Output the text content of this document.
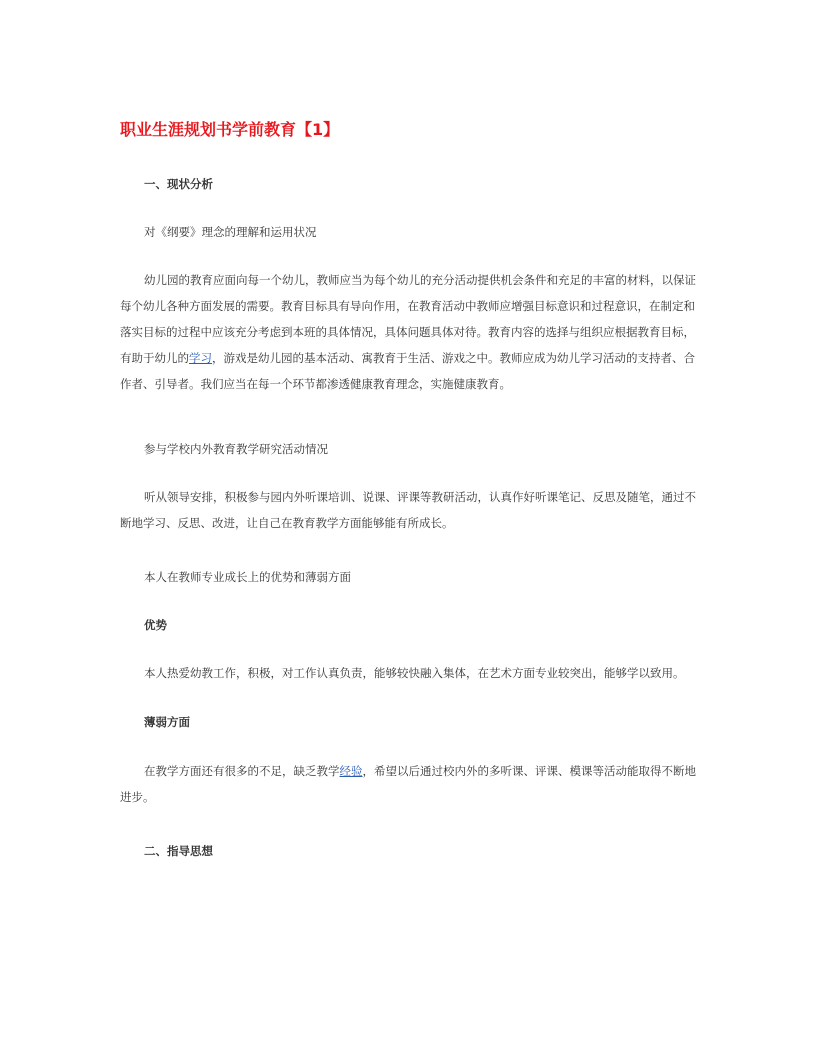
职业生涯规划书学前教育【1】

一、现状分析

对《纲要》理念的理解和运用状况

幼儿园的教育应面向每一个幼儿，教师应当为每个幼儿的充分活动提供机会条件和充足的丰富的材料，以保证每个幼儿各种方面发展的需要。教育目标具有导向作用，在教育活动中教师应增强目标意识和过程意识，在制定和落实目标的过程中应该充分考虑到本班的具体情况，具体问题具体对待。教育内容的选择与组织应根据教育目标，有助于幼儿的学习，游戏是幼儿园的基本活动、寓教育于生活、游戏之中。教师应成为幼儿学习活动的支持者、合作者、引导者。我们应当在每一个环节都渗透健康教育理念，实施健康教育。

参与学校内外教育教学研究活动情况

听从领导安排，积极参与园内外听课培训、说课、评课等教研活动，认真作好听课笔记、反思及随笔，通过不断地学习、反思、改进，让自己在教育教学方面能够能有所成长。

本人在教师专业成长上的优势和薄弱方面

优势

本人热爱幼教工作，积极，对工作认真负责，能够较快融入集体，在艺术方面专业较突出，能够学以致用。

薄弱方面

在教学方面还有很多的不足，缺乏教学经验，希望以后通过校内外的多听课、评课、模课等活动能取得不断地进步。

二、指导思想
